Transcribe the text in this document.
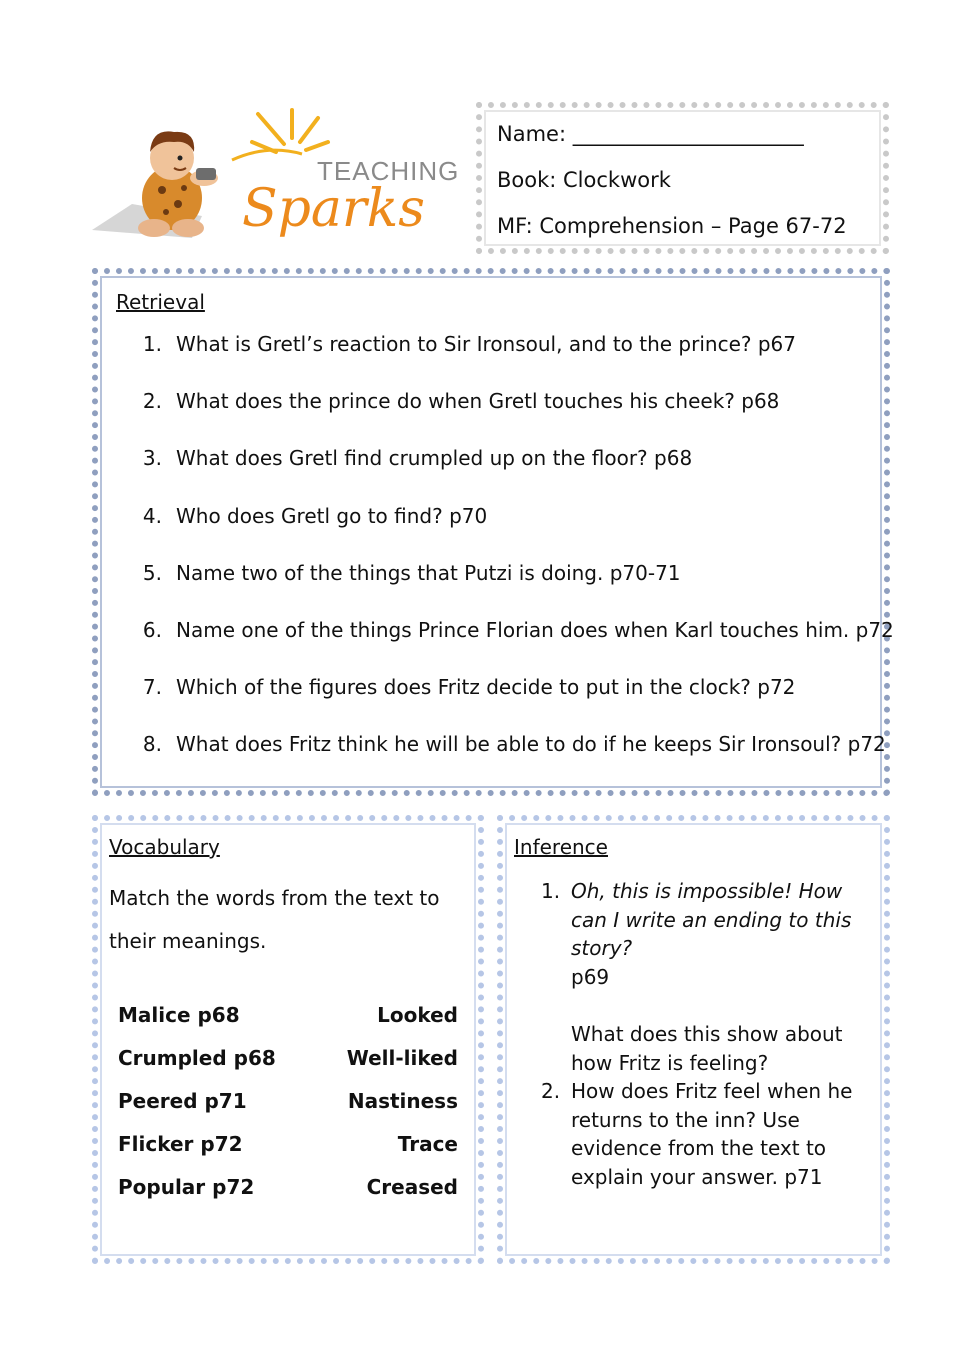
TEACHING
Sparks
Name: ______________________
Book: Clockwork
MF: Comprehension – Page 67-72
Retrieval
1. What is Gretl’s reaction to Sir Ironsoul, and to the prince? p67
2. What does the prince do when Gretl touches his cheek? p68
3. What does Gretl find crumpled up on the floor? p68
4. Who does Gretl go to find? p70
5. Name two of the things that Putzi is doing. p70-71
6. Name one of the things Prince Florian does when Karl touches him. p72
7. Which of the figures does Fritz decide to put in the clock? p72
8. What does Fritz think he will be able to do if he keeps Sir Ironsoul? p72
Vocabulary
Match the words from the text to
their meanings.
Malice p68	Looked
Crumpled p68	Well-liked
Peered p71	Nastiness
Flicker p72	Trace
Popular p72	Creased
Inference
1. Oh, this is impossible! How can I write an ending to this story?
p69
What does this show about how Fritz is feeling?
2. How does Fritz feel when he returns to the inn? Use evidence from the text to explain your answer. p71
